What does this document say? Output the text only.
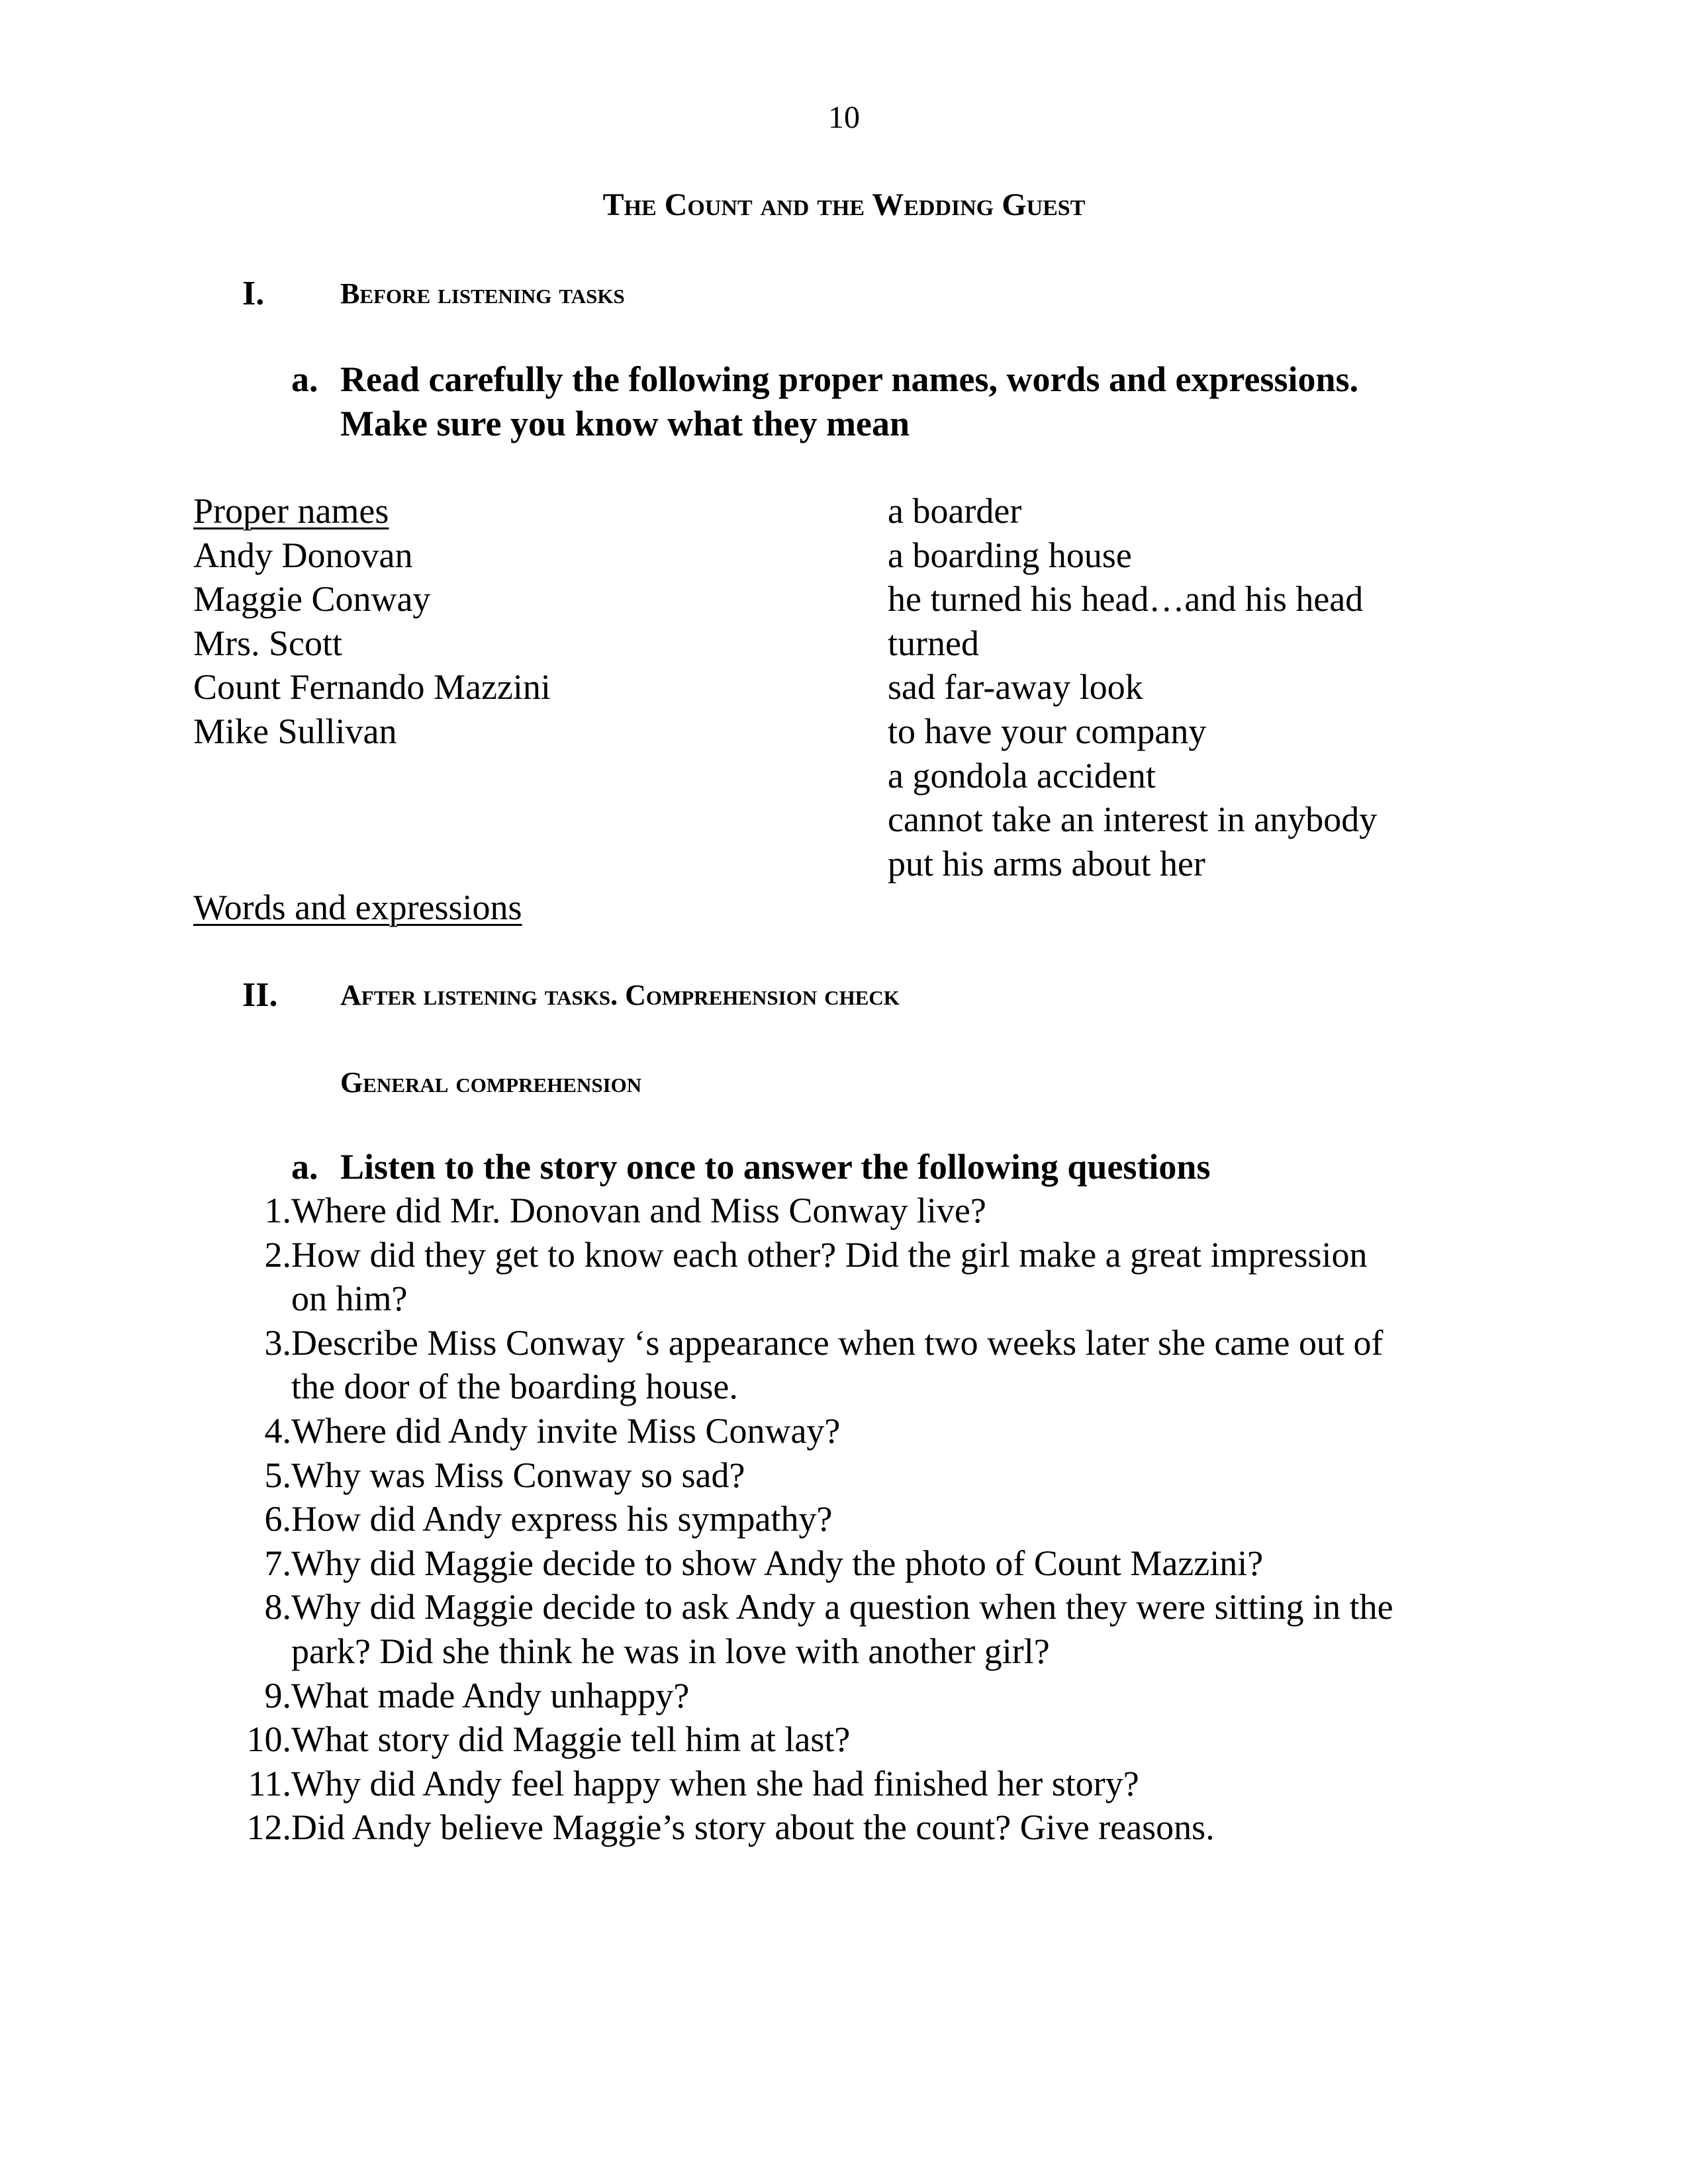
10
The Count and the Wedding Guest
I.	Before listening tasks
a. Read carefully the following proper names, words and expressions.
Make sure you know what they mean
Proper names
Andy Donovan
Maggie Conway
Mrs. Scott
Count Fernando Mazzini
Mike Sullivan
a boarder
a boarding house
he turned his head…and his head
turned
sad far-away look
to have your company
a gondola accident
cannot take an interest in anybody
put his arms about her
Words and expressions
II. After listening tasks. Comprehension check
General comprehension
a. Listen to the story once to answer the following questions
1. Where did Mr. Donovan and Miss Conway live?
2. How did they get to know each other? Did the girl make a great impression
on him?
3. Describe Miss Conway ‘s appearance when two weeks later she came out of
the door of the boarding house.
4. Where did Andy invite Miss Conway?
5. Why was Miss Conway so sad?
6. How did Andy express his sympathy?
7. Why did Maggie decide to show Andy the photo of Count Mazzini?
8. Why did Maggie decide to ask Andy a question when they were sitting in the
park? Did she think he was in love with another girl?
9. What made Andy unhappy?
10. What story did Maggie tell him at last?
11. Why did Andy feel happy when she had finished her story?
12. Did Andy believe Maggie’s story about the count? Give reasons.
